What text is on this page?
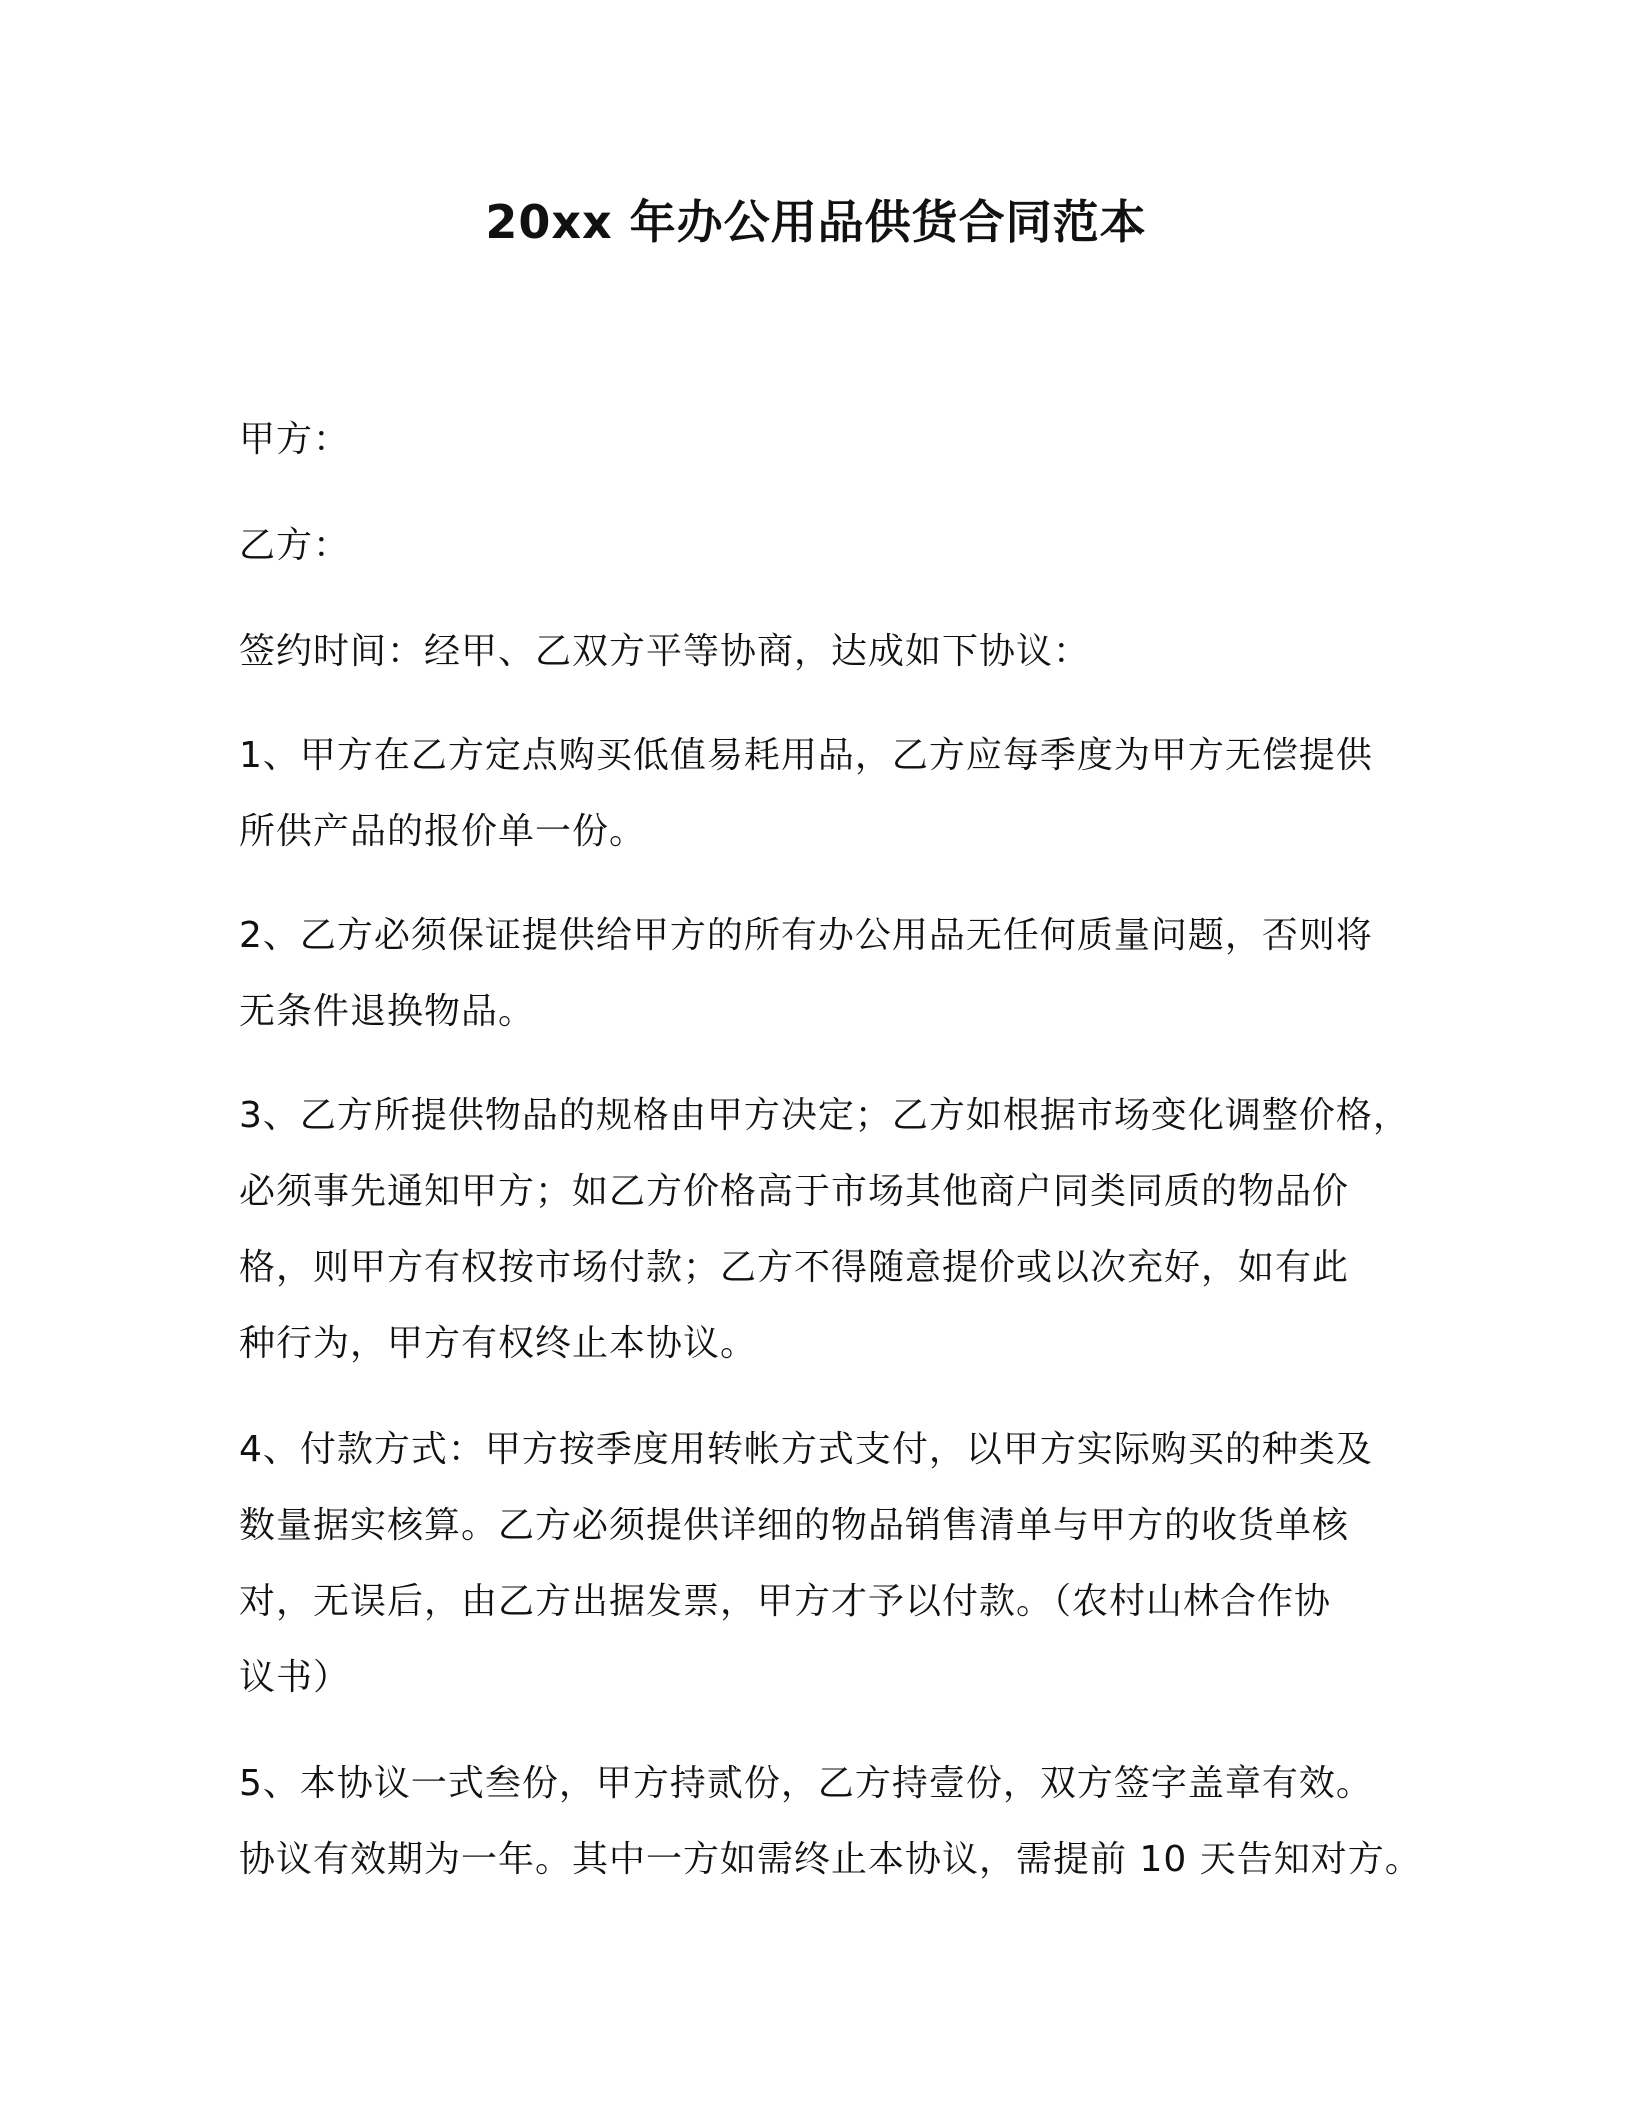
20xx 年办公用品供货合同范本

甲方：

乙方：

签约时间：经甲、乙双方平等协商，达成如下协议：

1、甲方在乙方定点购买低值易耗用品，乙方应每季度为甲方无偿提供

所供产品的报价单一份。

2、乙方必须保证提供给甲方的所有办公用品无任何质量问题，否则将

无条件退换物品。

3、乙方所提供物品的规格由甲方决定；乙方如根据市场变化调整价格，

必须事先通知甲方；如乙方价格高于市场其他商户同类同质的物品价

格，则甲方有权按市场付款；乙方不得随意提价或以次充好，如有此

种行为，甲方有权终止本协议。

4、付款方式：甲方按季度用转帐方式支付，以甲方实际购买的种类及

数量据实核算。乙方必须提供详细的物品销售清单与甲方的收货单核

对，无误后，由乙方出据发票，甲方才予以付款。（农村山林合作协

议书）

5、本协议一式叁份，甲方持贰份，乙方持壹份，双方签字盖章有效。

协议有效期为一年。其中一方如需终止本协议，需提前 10 天告知对方。
